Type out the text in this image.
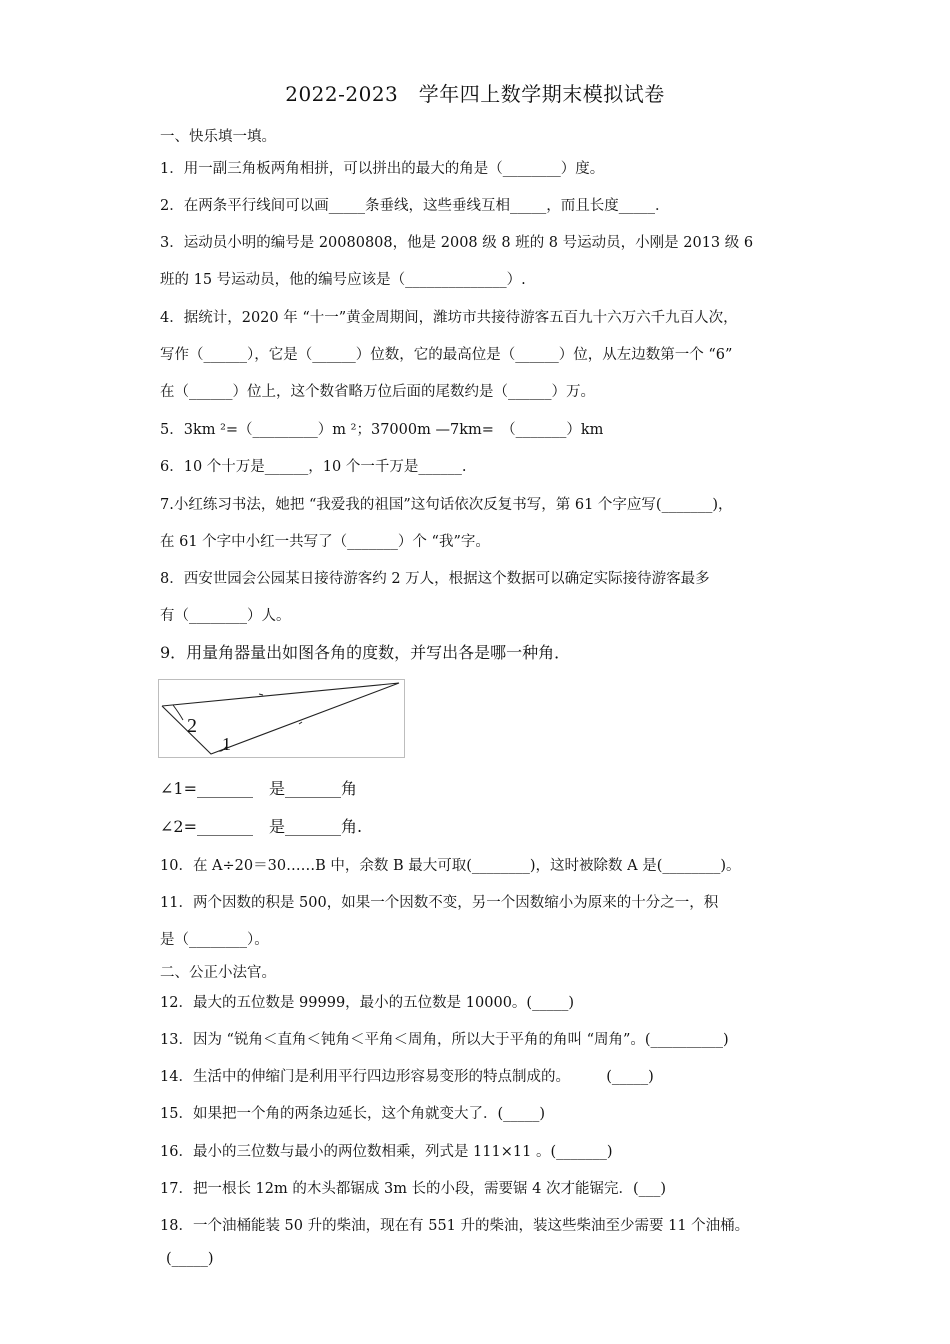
2022-2023　学年四上数学期末模拟试卷
一、快乐填一填。
1．用一副三角板两角相拼，可以拼出的最大的角是（________）度。
2．在两条平行线间可以画_____条垂线，这些垂线互相_____，而且长度_____．
3．运动员小明的编号是 20080808，他是 2008 级 8 班的 8 号运动员，小刚是 2013 级 6
班的 15 号运动员，他的编号应该是（______________）.
4．据统计，2020 年 “十一”黄金周期间，潍坊市共接待游客五百九十六万六千九百人次，
写作（______），它是（______）位数，它的最高位是（______）位，从左边数第一个 “6”
在（______）位上，这个数省略万位后面的尾数约是（______）万。
5．3km ²=（_________）m ²；37000m —7km=　（_______）km
6．10 个十万是______，10 个一千万是______.
7.小红练习书法，她把 “我爱我的祖国”这句话依次反复书写，第 61 个字应写(_______)，
在 61 个字中小红一共写了（_______）个 “我”字。
8．西安世园会公园某日接待游客约 2 万人，根据这个数据可以确定实际接待游客最多
有（________）人。
9．用量角器量出如图各角的度数，并写出各是哪一种角．
2
1
∠1=_______　是_______角
∠2=_______　是_______角.
10．在 A÷20＝30……B 中，余数 B 最大可取(________)，这时被除数 A 是(________)。
11．两个因数的积是 500，如果一个因数不变，另一个因数缩小为原来的十分之一，积
是（________）。
二、公正小法官。
12．最大的五位数是 99999，最小的五位数是 10000。(_____)
13．因为 “锐角＜直角＜钝角＜平角＜周角，所以大于平角的角叫 “周角”。(__________)
14．生活中的伸缩门是利用平行四边形容易变形的特点制成的。　　　(_____)
15．如果把一个角的两条边延长，这个角就变大了．(_____)
16．最小的三位数与最小的两位数相乘，列式是 111×11 。(_______)
17．把一根长 12m 的木头都锯成 3m 长的小段，需要锯 4 次才能锯完．(___)
18．一个油桶能装 50 升的柴油，现在有 551 升的柴油，装这些柴油至少需要 11 个油桶。
(_____)
